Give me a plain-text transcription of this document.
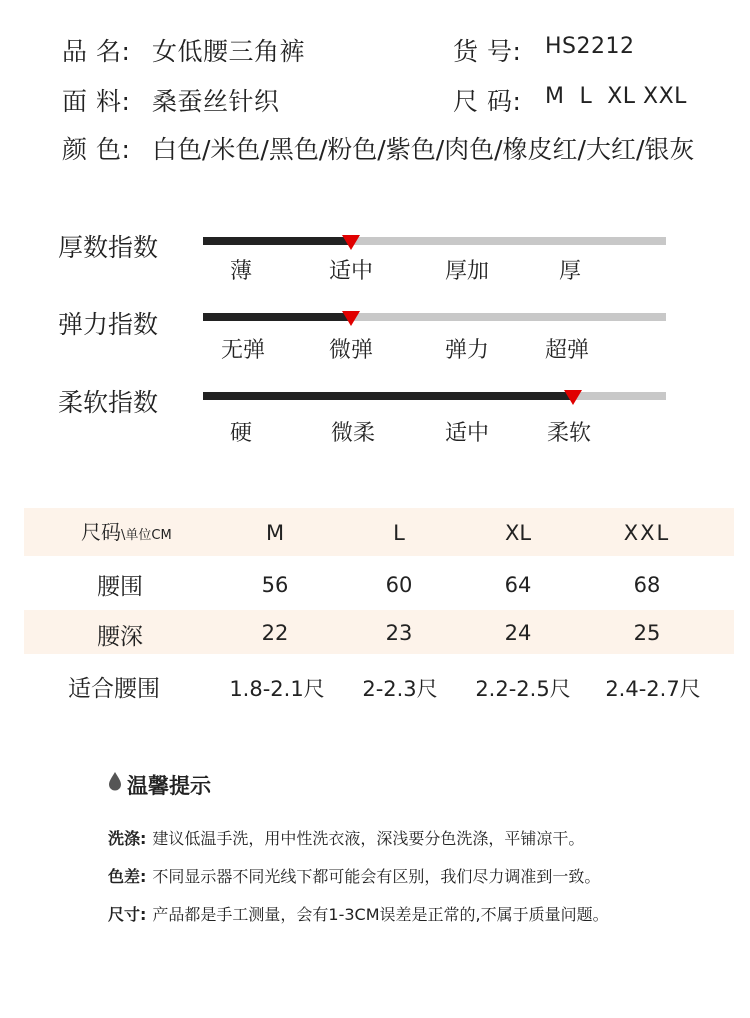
品 名: 女低腰三角裤	货 号: HS2212
面 料: 桑蚕丝针织	尺 码: M  L  XL XXL
颜 色: 白色/米色/黑色/粉色/紫色/肉色/橡皮红/大红/银灰
厚数指数
薄	适中	厚加	厚
弹力指数
无弹	微弹	弹力	超弹
柔软指数
硬	微柔	适中	柔软
尺码\单位CM	M	L	XL	XXL
腰围	56	60	64	68
腰深	22	23	24	25
适合腰围	1.8-2.1尺	2-2.3尺	2.2-2.5尺	2.4-2.7尺
温馨提示
洗涤: 建议低温手洗，用中性洗衣液，深浅要分色洗涤，平铺凉干。
色差: 不同显示器不同光线下都可能会有区别，我们尽力调准到一致。
尺寸: 产品都是手工测量，会有1-3CM误差是正常的,不属于质量问题。
